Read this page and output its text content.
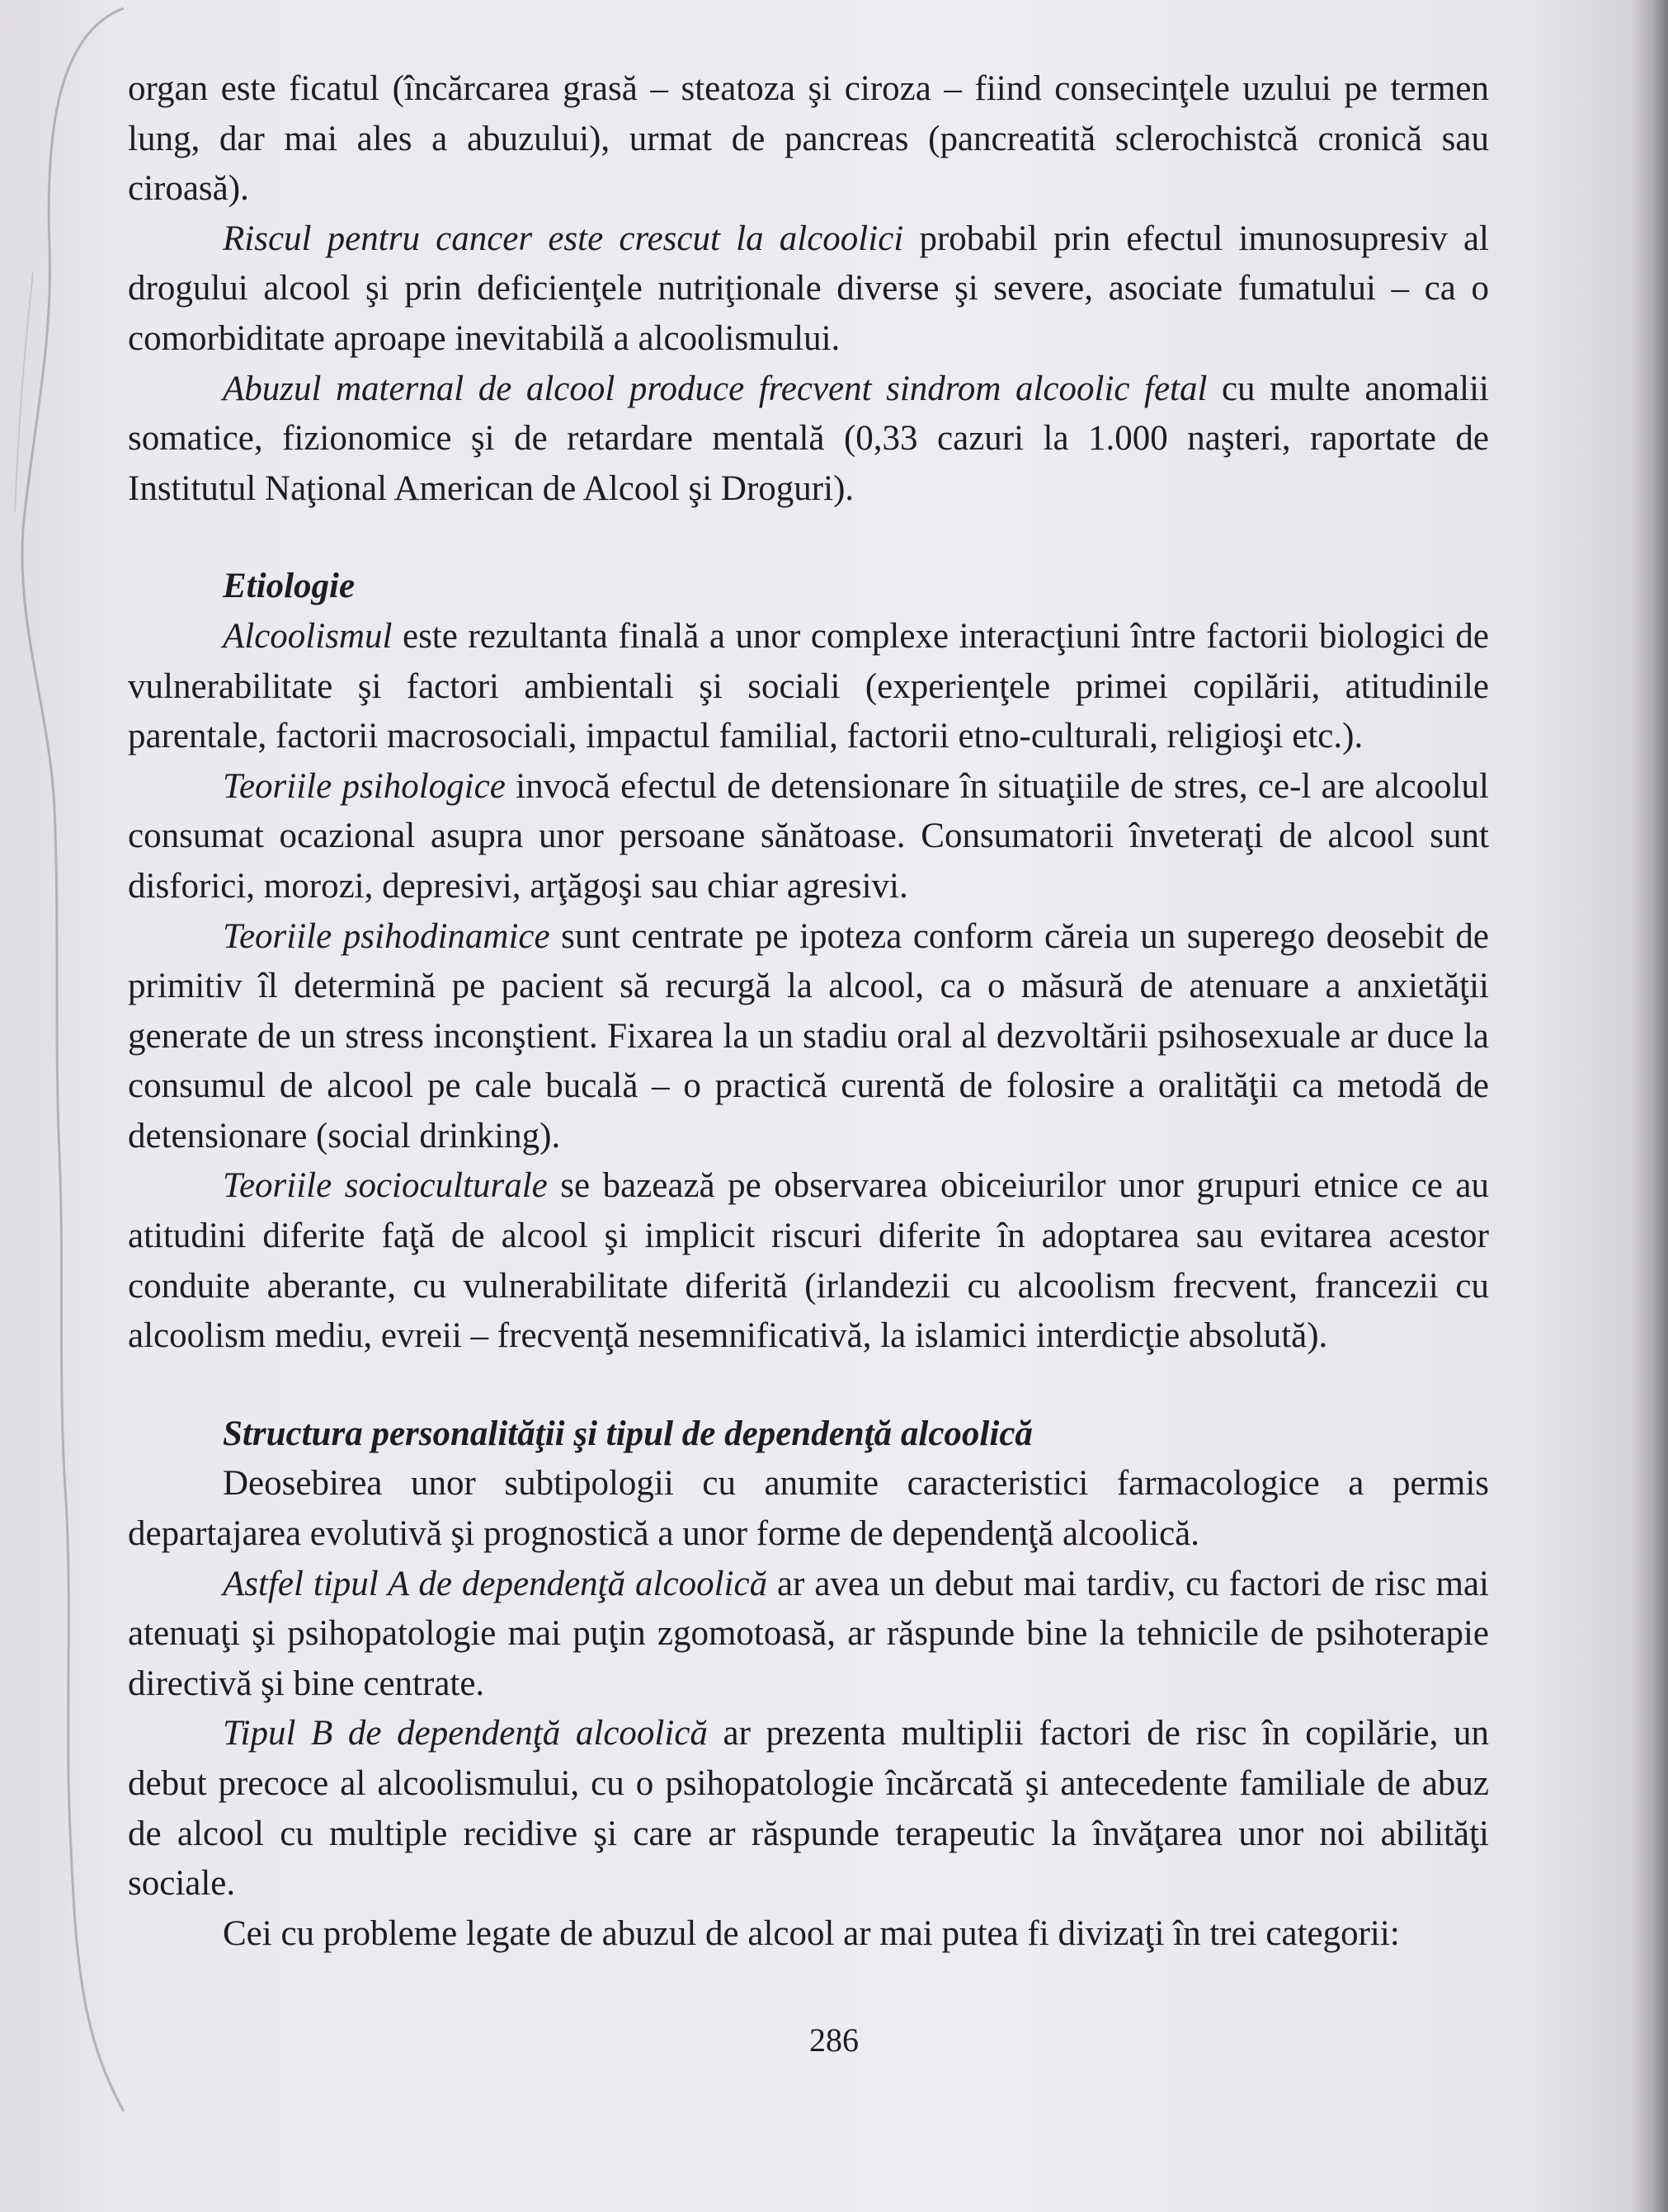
organ este ficatul (încărcarea grasă – steatoza şi ciroza – fiind consecinţele uzului pe termen lung, dar mai ales a abuzului), urmat de pancreas (pancreatită sclerochistcă cronică sau ciroasă).

Riscul pentru cancer este crescut la alcoolici probabil prin efectul imunosupresiv al drogului alcool şi prin deficienţele nutriţionale diverse şi severe, asociate fumatului – ca o comorbiditate aproape inevitabilă a alcoolismului.

Abuzul maternal de alcool produce frecvent sindrom alcoolic fetal cu multe anomalii somatice, fizionomice şi de retardare mentală (0,33 cazuri la 1.000 naşteri, raportate de Institutul Naţional American de Alcool şi Droguri).

Etiologie

Alcoolismul este rezultanta finală a unor complexe interacţiuni între factorii biologici de vulnerabilitate şi factori ambientali şi sociali (experienţele primei copilării, atitudinile parentale, factorii macrosociali, impactul familial, factorii etno-culturali, religioşi etc.).

Teoriile psihologice invocă efectul de detensionare în situaţiile de stres, ce-l are alcoolul consumat ocazional asupra unor persoane sănătoase. Consumatorii înveteraţi de alcool sunt disforici, morozi, depresivi, arţăgoşi sau chiar agresivi.

Teoriile psihodinamice sunt centrate pe ipoteza conform căreia un superego deosebit de primitiv îl determină pe pacient să recurgă la alcool, ca o măsură de atenuare a anxietăţii generate de un stress inconştient. Fixarea la un stadiu oral al dezvoltării psihosexuale ar duce la consumul de alcool pe cale bucală – o practică curentă de folosire a oralităţii ca metodă de detensionare (social drinking).

Teoriile socioculturale se bazează pe observarea obiceiurilor unor grupuri etnice ce au atitudini diferite faţă de alcool şi implicit riscuri diferite în adoptarea sau evitarea acestor conduite aberante, cu vulnerabilitate diferită (irlandezii cu alcoolism frecvent, francezii cu alcoolism mediu, evreii – frecvenţă nesemnificativă, la islamici interdicţie absolută).

Structura personalităţii şi tipul de dependenţă alcoolică

Deosebirea unor subtipologii cu anumite caracteristici farmacologice a permis departajarea evolutivă şi prognostică a unor forme de dependenţă alcoolică.

Astfel tipul A de dependenţă alcoolică ar avea un debut mai tardiv, cu factori de risc mai atenuaţi şi psihopatologie mai puţin zgomotoasă, ar răspunde bine la tehnicile de psihoterapie directivă şi bine centrate.

Tipul B de dependenţă alcoolică ar prezenta multiplii factori de risc în copilărie, un debut precoce al alcoolismului, cu o psihopatologie încărcată şi antecedente familiale de abuz de alcool cu multiple recidive şi care ar răspunde terapeutic la învăţarea unor noi abilităţi sociale.

Cei cu probleme legate de abuzul de alcool ar mai putea fi divizaţi în trei categorii:

286
